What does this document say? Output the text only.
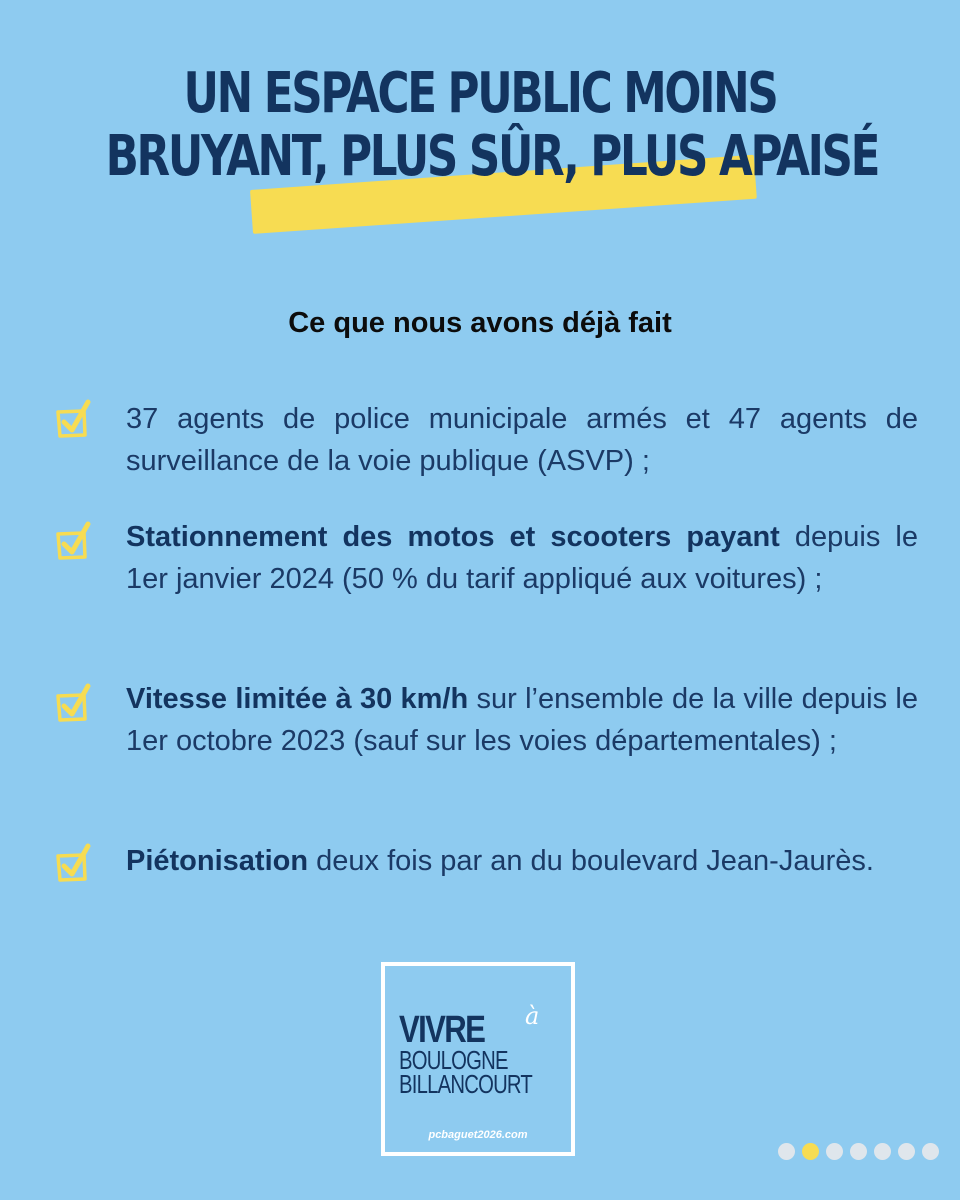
UN ESPACE PUBLIC MOINS
BRUYANT, PLUS SÛR, PLUS APAISÉ
Ce que nous avons déjà fait
37 agents de police municipale armés et 47 agents de surveillance de la voie publique (ASVP) ;
Stationnement des motos et scooters payant depuis le 1er janvier 2024 (50 % du tarif appliqué aux voitures) ;
Vitesse limitée à 30 km/h sur l’ensemble de la ville depuis le 1er octobre 2023 (sauf sur les voies départementales) ;
Piétonisation deux fois par an du boulevard Jean-Jaurès.
VIVRE à
BOULOGNE
BILLANCOURT
pcbaguet2026.com
